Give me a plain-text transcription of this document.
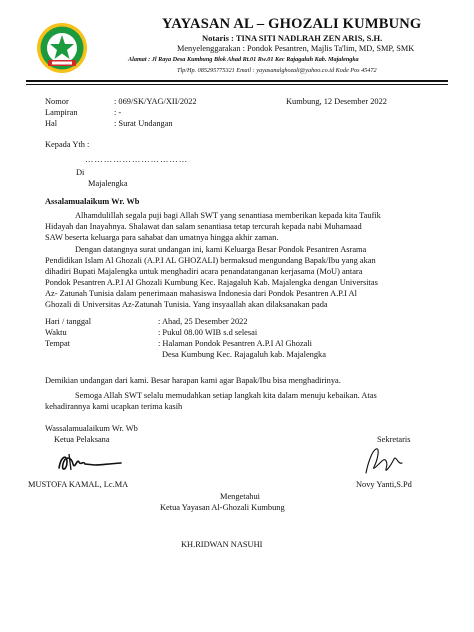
YAYASAN AL – GHOZALI KUMBUNG
Notaris : TINA SITI NADLRAH ZEN ARIS, S.H.
Menyelenggarakan : Pondok Pesantren, Majlis Ta'lim, MD, SMP, SMK
Alamat : Jl Raya Desa Kumbung Blok Ahad Rt.01 Rw.01 Kec Rajagaluh Kab. Majalengka
Tlp/Hp. 085295775321 Email : yayasanalghozali@yahoo.co.id Kode Pos 45472
Nomor	: 069/SK/YAG/XII/2022	Kumbung, 12 Desember 2022
Lampiran	: -
Hal	: Surat Undangan
Kepada Yth :
……………………………
Di
Majalengka
Assalamualaikum Wr. Wb
Alhamdulillah segala puji bagi Allah SWT yang senantiasa memberikan kepada kita Taufik
Hidayah dan Inayahnya. Shalawat dan salam senantiasa tetap tercurah kepada nabi Muhamaad
SAW beserta keluarga para sahabat dan umatnya hingga akhir zaman.
Dengan datangnya surat undangan ini, kami Keluarga Besar Pondok Pesantren Asrama
Pendidikan Islam Al Ghozali (A.P.I AL GHOZALI) bermaksud mengundang Bapak/Ibu yang akan
dihadiri Bupati Majalengka untuk menghadiri acara penandatanganan kerjasama (MoU) antara
Pondok Pesantren A.P.I Al Ghozali Kumbung Kec. Rajagaluh Kab. Majalengka dengan Universitas
Az- Zatunah Tunisia dalam penerimaan mahasiswa Indonesia dari Pondok Pesantren A.P.I Al
Ghozali di Universitas Az-Zatunah Tunisia. Yang insyaallah akan dilaksanakan pada
Hari / tanggal	: Ahad, 25 Desember 2022
Waktu	: Pukul 08.00 WIB s.d selesai
Tempat	: Halaman Pondok Pesantren A.P.I Al Ghozali
Desa Kumbung Kec. Rajagaluh kab. Majalengka
Demikian undangan dari kami. Besar harapan kami agar Bapak/Ibu bisa menghadirinya.
Semoga Allah SWT selalu memudahkan setiap langkah kita dalam menuju kebaikan. Atas
kehadirannya kami ucapkan terima kasih
Wassalamualaikum Wr. Wb
Ketua Pelaksana	Sekretaris
MUSTOFA KAMAL, Lc.MA	Novy Yanti,S.Pd
Mengetahui
Ketua Yayasan Al-Ghozali Kumbung
KH.RIDWAN NASUHI
